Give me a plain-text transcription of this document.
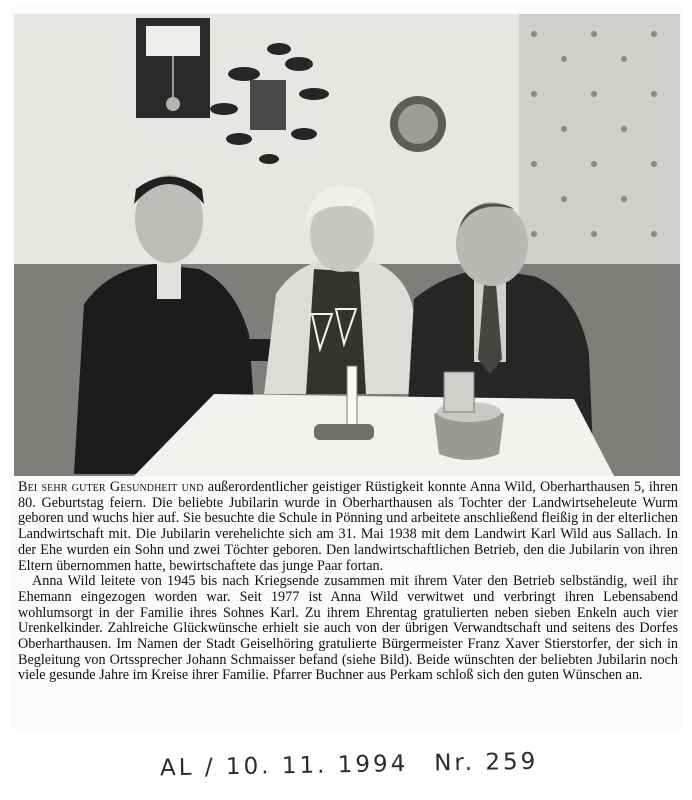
Bei sehr guter Gesundheit und außerordentlicher geistiger Rüstigkeit konnte Anna Wild, Oberharthausen 5, ihren 80. Geburtstag feiern. Die beliebte Jubilarin wurde in Oberharthausen als Tochter der Landwirtseheleute Wurm geboren und wuchs hier auf. Sie besuchte die Schule in Pönning und arbeitete anschließend fleißig in der elterlichen Landwirtschaft mit. Die Jubilarin verehelichte sich am 31. Mai 1938 mit dem Landwirt Karl Wild aus Sallach. In der Ehe wurden ein Sohn und zwei Töchter geboren. Den landwirtschaftlichen Betrieb, den die Jubilarin von ihren Eltern übernommen hatte, bewirtschaftete das junge Paar fortan.

Anna Wild leitete von 1945 bis nach Kriegsende zusammen mit ihrem Vater den Betrieb selbständig, weil ihr Ehemann eingezogen worden war. Seit 1977 ist Anna Wild verwitwet und verbringt ihren Lebensabend wohlumsorgt in der Familie ihres Sohnes Karl. Zu ihrem Ehrentag gratulierten neben sieben Enkeln auch vier Urenkelkinder. Zahlreiche Glückwünsche erhielt sie auch von der übrigen Verwandtschaft und seitens des Dorfes Oberharthausen. Im Namen der Stadt Geiselhöring gratulierte Bürgermeister Franz Xaver Stierstorfer, der sich in Begleitung von Ortssprecher Johann Schmaisser befand (siehe Bild). Beide wünschten der beliebten Jubilarin noch viele gesunde Jahre im Kreise ihrer Familie. Pfarrer Buchner aus Perkam schloß sich den guten Wünschen an.

AL / 10. 11. 1994 Nr. 259
